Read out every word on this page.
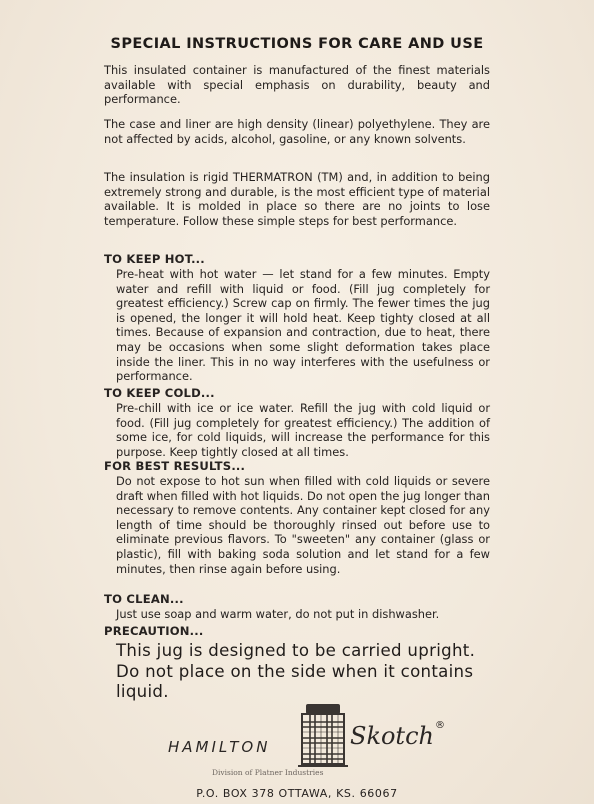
SPECIAL INSTRUCTIONS FOR CARE AND USE
This insulated container is manufactured of the finest materials available with special emphasis on durability, beauty and performance.
The case and liner are high density (linear) polyethylene. They are not affected by acids, alcohol, gasoline, or any known solvents.
The insulation is rigid THERMATRON (TM) and, in addition to being extremely strong and durable, is the most efficient type of material available. It is molded in place so there are no joints to lose temperature. Follow these simple steps for best performance.
TO KEEP HOT...
Pre-heat with hot water — let stand for a few minutes. Empty water and refill with liquid or food. (Fill jug completely for greatest efficiency.) Screw cap on firmly. The fewer times the jug is opened, the longer it will hold heat. Keep tighty closed at all times. Because of expansion and contraction, due to heat, there may be occasions when some slight deformation takes place inside the liner. This in no way interferes with the usefulness or performance.
TO KEEP COLD...
Pre-chill with ice or ice water. Refill the jug with cold liquid or food. (Fill jug completely for greatest efficiency.) The addition of some ice, for cold liquids, will increase the performance for this purpose. Keep tightly closed at all times.
FOR BEST RESULTS...
Do not expose to hot sun when filled with cold liquids or severe draft when filled with hot liquids. Do not open the jug longer than necessary to remove contents. Any container kept closed for any length of time should be thoroughly rinsed out before use to eliminate previous flavors. To "sweeten" any container (glass or plastic), fill with baking soda solution and let stand for a few minutes, then rinse again before using.
TO CLEAN...
Just use soap and warm water, do not put in dishwasher.
PRECAUTION...
This jug is designed to be carried upright. Do not place on the side when it contains liquid.
HAMILTON	Skotch ®
Division of Platner Industries
P.O. BOX 378 OTTAWA, KS. 66067
